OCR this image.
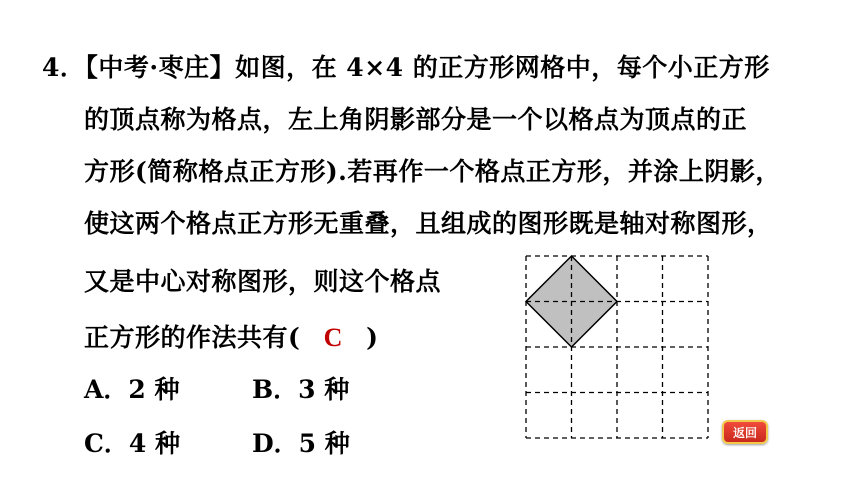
4．【中考·枣庄】如图，在 4×4 的正方形网格中，每个小正方形
的顶点称为格点，左上角阴影部分是一个以格点为顶点的正
方形(简称格点正方形).若再作一个格点正方形，并涂上阴影，
使这两个格点正方形无重叠，且组成的图形既是轴对称图形，
又是中心对称图形，则这个格点
正方形的作法共有( C )
A．2 种	B．3 种
C．4 种	D．5 种	返回
